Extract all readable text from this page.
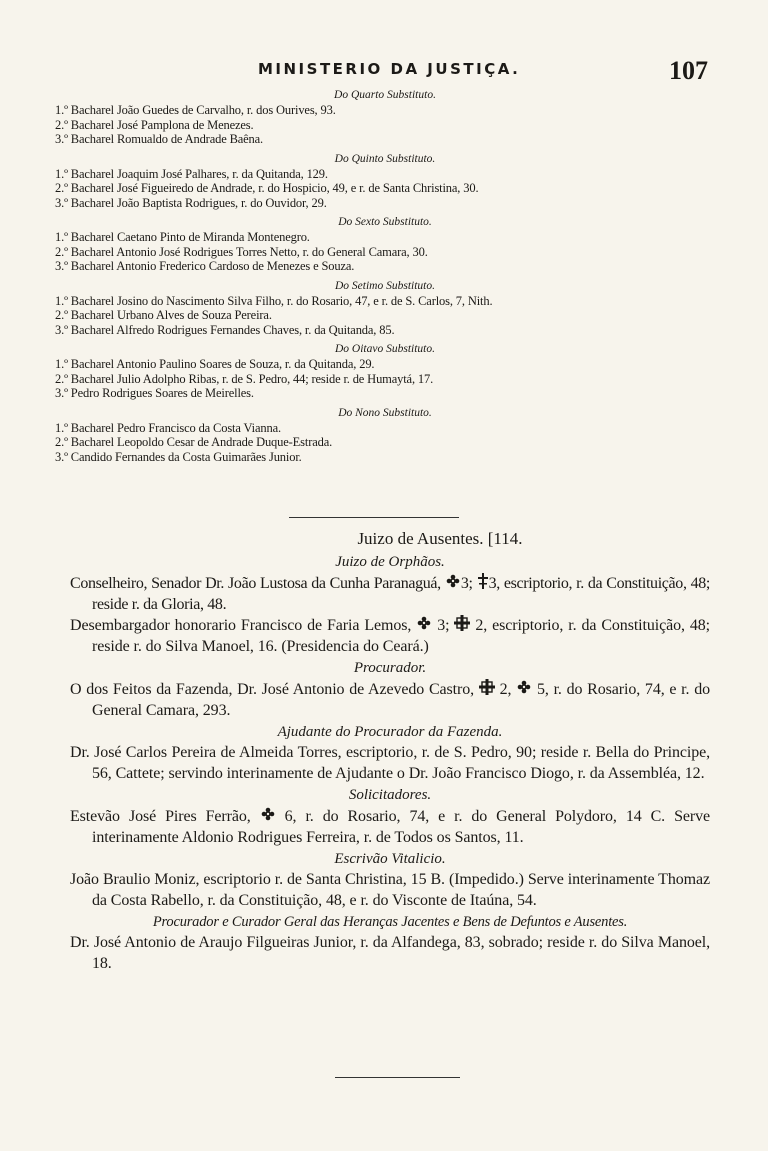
MINISTERIO DA JUSTIÇA.	107
Do Quarto Substituto.
1.º Bacharel João Guedes de Carvalho, r. dos Ourives, 93.
2.º Bacharel José Pamplona de Menezes.
3.º Bacharel Romualdo de Andrade Baêna.
Do Quinto Substituto.
1.º Bacharel Joaquim José Palhares, r. da Quitanda, 129.
2.º Bacharel José Figueiredo de Andrade, r. do Hospicio, 49, e r. de Santa Christina, 30.
3.º Bacharel João Baptista Rodrigues, r. do Ouvidor, 29.
Do Sexto Substituto.
1.º Bacharel Caetano Pinto de Miranda Montenegro.
2.º Bacharel Antonio José Rodrigues Torres Netto, r. do General Camara, 30.
3.º Bacharel Antonio Frederico Cardoso de Menezes e Souza.
Do Setimo Substituto.
1.º Bacharel Josino do Nascimento Silva Filho, r. do Rosario, 47, e r. de S. Carlos, 7, Nith.
2.º Bacharel Urbano Alves de Souza Pereira.
3.º Bacharel Alfredo Rodrigues Fernandes Chaves, r. da Quitanda, 85.
Do Oitavo Substituto.
1.º Bacharel Antonio Paulino Soares de Souza, r. da Quitanda, 29.
2.º Bacharel Julio Adolpho Ribas, r. de S. Pedro, 44; reside r. de Humaytá, 17.
3.º Pedro Rodrigues Soares de Meirelles.
Do Nono Substituto.
1.º Bacharel Pedro Francisco da Costa Vianna.
2.º Bacharel Leopoldo Cesar de Andrade Duque-Estrada.
3.º Candido Fernandes da Costa Guimarães Junior.
Juizo de Ausentes. [114.
Juizo de Orphãos.
Conselheiro, Senador Dr. João Lustosa da Cunha Paranaguá, 3; 3, escriptorio, r. da Constituição, 48; reside r. da Gloria, 48.
Desembargador honorario Francisco de Faria Lemos, 3; 2, escriptorio, r. da Constituição, 48; reside r. do Silva Manoel, 16. (Presidencia do Ceará.)
Procurador.
O dos Feitos da Fazenda, Dr. José Antonio de Azevedo Castro, 2, 5, r. do Rosario, 74, e r. do General Camara, 293.
Ajudante do Procurador da Fazenda.
Dr. José Carlos Pereira de Almeida Torres, escriptorio, r. de S. Pedro, 90; reside r. Bella do Principe, 56, Cattete; servindo interinamente de Ajudante o Dr. João Francisco Diogo, r. da Assembléa, 12.
Solicitadores.
Estevão José Pires Ferrão, 6, r. do Rosario, 74, e r. do General Polydoro, 14 C. Serve interinamente Aldonio Rodrigues Ferreira, r. de Todos os Santos, 11.
Escrivão Vitalicio.
João Braulio Moniz, escriptorio r. de Santa Christina, 15 B. (Impedido.) Serve interinamente Thomaz da Costa Rabello, r. da Constituição, 48, e r. do Visconte de Itaúna, 54.
Procurador e Curador Geral das Heranças Jacentes e Bens de Defuntos e Ausentes.
Dr. José Antonio de Araujo Filgueiras Junior, r. da Alfandega, 83, sobrado; reside r. do Silva Manoel, 18.
